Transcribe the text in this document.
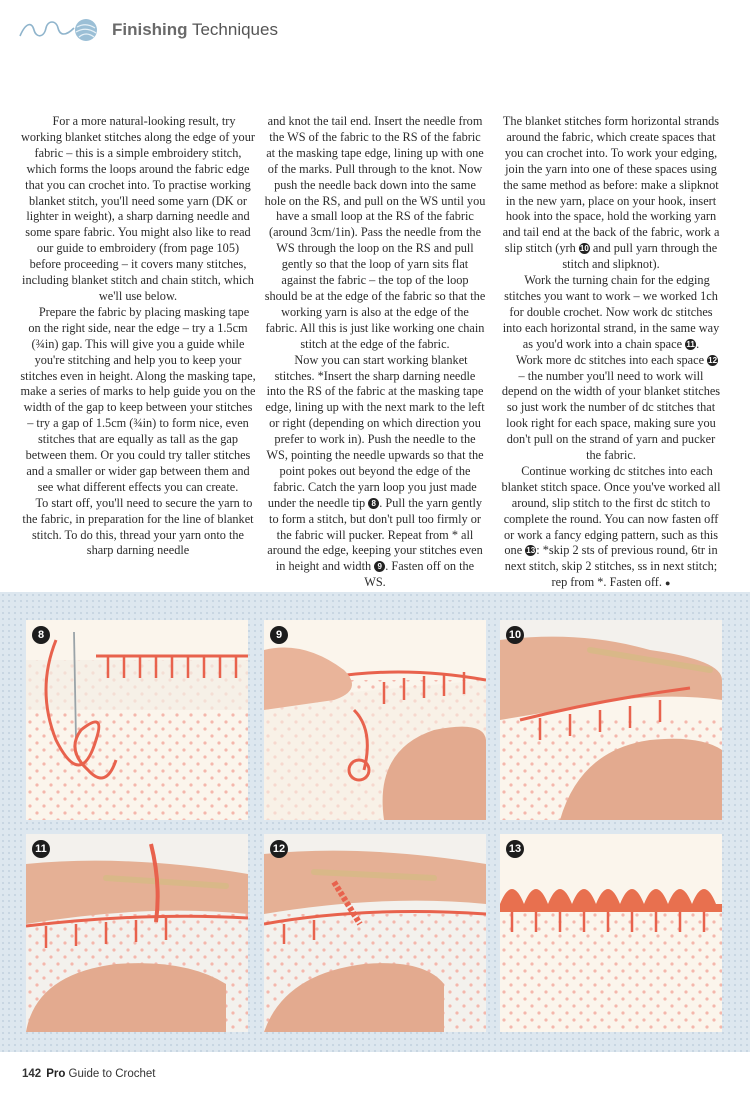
Finishing Techniques

For a more natural-looking result, try working blanket stitches along the edge of your fabric – this is a simple embroidery stitch, which forms the loops around the fabric edge that you can crochet into. To practise working blanket stitch, you'll need some yarn (DK or lighter in weight), a sharp darning needle and some spare fabric. You might also like to read our guide to embroidery (from page 105) before proceeding – it covers many stitches, including blanket stitch and chain stitch, which we'll use below.

Prepare the fabric by placing masking tape on the right side, near the edge – try a 1.5cm (¾in) gap. This will give you a guide while you're stitching and help you to keep your stitches even in height. Along the masking tape, make a series of marks to help guide you on the width of the gap to keep between your stitches – try a gap of 1.5cm (¾in) to form nice, even stitches that are equally as tall as the gap between them. Or you could try taller stitches and a smaller or wider gap between them and see what different effects you can create.

To start off, you'll need to secure the yarn to the fabric, in preparation for the line of blanket stitch. To do this, thread your yarn onto the sharp darning needle

and knot the tail end. Insert the needle from the WS of the fabric to the RS of the fabric at the masking tape edge, lining up with one of the marks. Pull through to the knot. Now push the needle back down into the same hole on the RS, and pull on the WS until you have a small loop at the RS of the fabric (around 3cm/1in). Pass the needle from the WS through the loop on the RS and pull gently so that the loop of yarn sits flat against the fabric – the top of the loop should be at the edge of the fabric so that the working yarn is also at the edge of the fabric. All this is just like working one chain stitch at the edge of the fabric.

Now you can start working blanket stitches. *Insert the sharp darning needle into the RS of the fabric at the masking tape edge, lining up with the next mark to the left or right (depending on which direction you prefer to work in). Push the needle to the WS, pointing the needle upwards so that the point pokes out beyond the edge of the fabric. Catch the yarn loop you just made under the needle tip 8 . Pull the yarn gently to form a stitch, but don't pull too firmly or the fabric will pucker. Repeat from * all around the edge, keeping your stitches even in height and width 9 . Fasten off on the WS.

The blanket stitches form horizontal strands around the fabric, which create spaces that you can crochet into. To work your edging, join the yarn into one of these spaces using the same method as before: make a slipknot in the new yarn, place on your hook, insert hook into the space, hold the working yarn and tail end at the back of the fabric, work a slip stitch (yrh 10 and pull yarn through the stitch and slipknot).

Work the turning chain for the edging stitches you want to work – we worked 1ch for double crochet. Now work dc stitches into each horizontal strand, in the same way as you'd work into a chain space 11.

Work more dc stitches into each space 12 – the number you'll need to work will depend on the width of your blanket stitches so just work the number of dc stitches that look right for each space, making sure you don't pull on the strand of yarn and pucker the fabric.

Continue working dc stitches into each blanket stitch space. Once you've worked all around, slip stitch to the first dc stitch to complete the round. You can now fasten off or work a fancy edging pattern, such as this one 13: *skip 2 sts of previous round, 6tr in next stitch, skip 2 stitches, ss in next stitch; rep from *. Fasten off. ●

8	9	10
11	12	13
142 Pro Guide to Crochet
